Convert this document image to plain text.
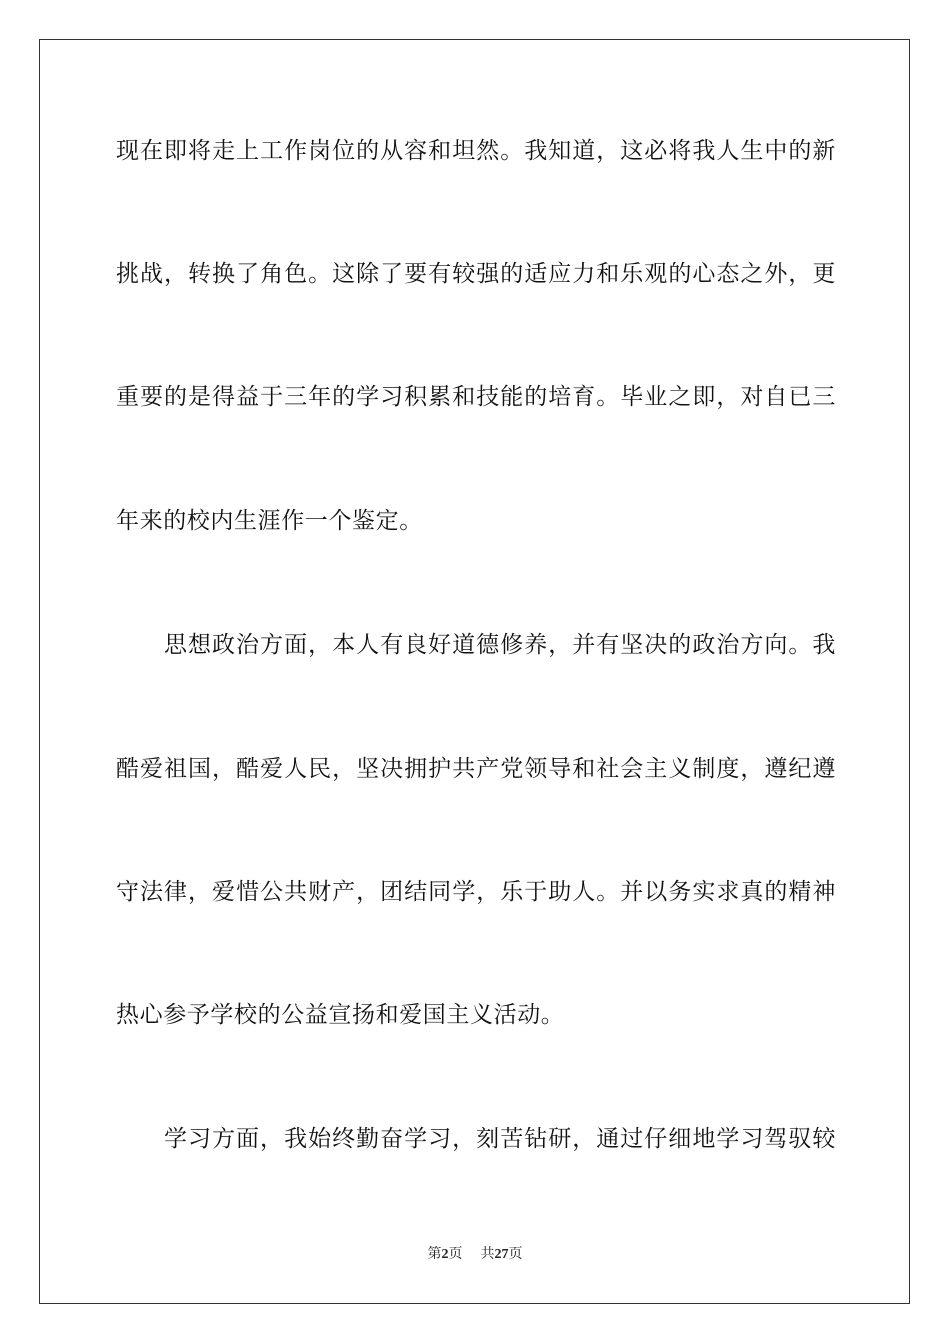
现在即将走上工作岗位的从容和坦然。我知道，这必将我人生中的新
挑战，转换了角色。这除了要有较强的适应力和乐观的心态之外，更
重要的是得益于三年的学习积累和技能的培育。毕业之即，对自已三
年来的校内生涯作一个鉴定。
思想政治方面，本人有良好道德修养，并有坚决的政治方向。我
酷爱祖国，酷爱人民，坚决拥护共产党领导和社会主义制度，遵纪遵
守法律，爱惜公共财产，团结同学，乐于助人。并以务实求真的精神
热心参予学校的公益宣扬和爱国主义活动。
学习方面，我始终勤奋学习，刻苦钻研，通过仔细地学习驾驭较
第2页 共27页
